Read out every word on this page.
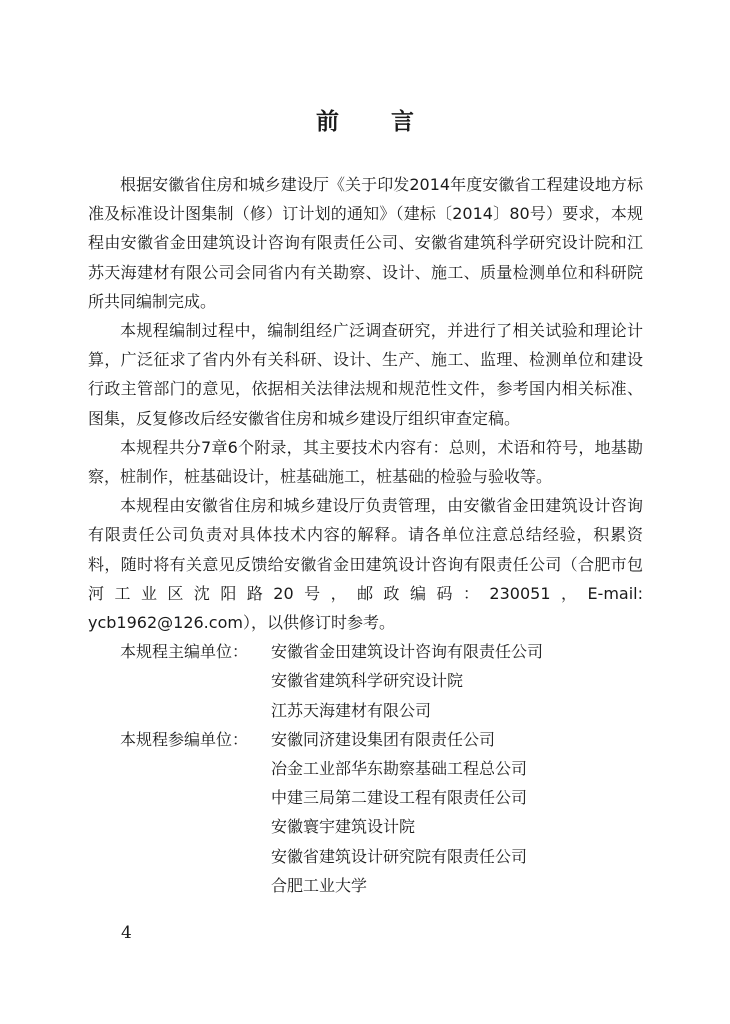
前 言

根据安徽省住房和城乡建设厅《关于印发2014年度安徽省工程建设地方标准及标准设计图集制（修）订计划的通知》（建标〔2014〕80号）要求，本规程由安徽省金田建筑设计咨询有限责任公司、安徽省建筑科学研究设计院和江苏天海建材有限公司会同省内有关勘察、设计、施工、质量检测单位和科研院所共同编制完成。

本规程编制过程中，编制组经广泛调查研究，并进行了相关试验和理论计算，广泛征求了省内外有关科研、设计、生产、施工、监理、检测单位和建设行政主管部门的意见，依据相关法律法规和规范性文件，参考国内相关标准、图集，反复修改后经安徽省住房和城乡建设厅组织审查定稿。

本规程共分7章6个附录，其主要技术内容有：总则，术语和符号，地基勘察，桩制作，桩基础设计，桩基础施工，桩基础的检验与验收等。

本规程由安徽省住房和城乡建设厅负责管理，由安徽省金田建筑设计咨询有限责任公司负责对具体技术内容的解释。请各单位注意总结经验，积累资料，随时将有关意见反馈给安徽省金田建筑设计咨询有限责任公司（合肥市包河工业区沈阳路20号，邮政编码：230051，E-mail: ycb1962@126.com），以供修订时参考。

本规程主编单位：	安徽省金田建筑设计咨询有限责任公司
安徽省建筑科学研究设计院
江苏天海建材有限公司
本规程参编单位：	安徽同济建设集团有限责任公司
冶金工业部华东勘察基础工程总公司
中建三局第二建设工程有限责任公司
安徽寰宇建筑设计院
安徽省建筑设计研究院有限责任公司
合肥工业大学
4
